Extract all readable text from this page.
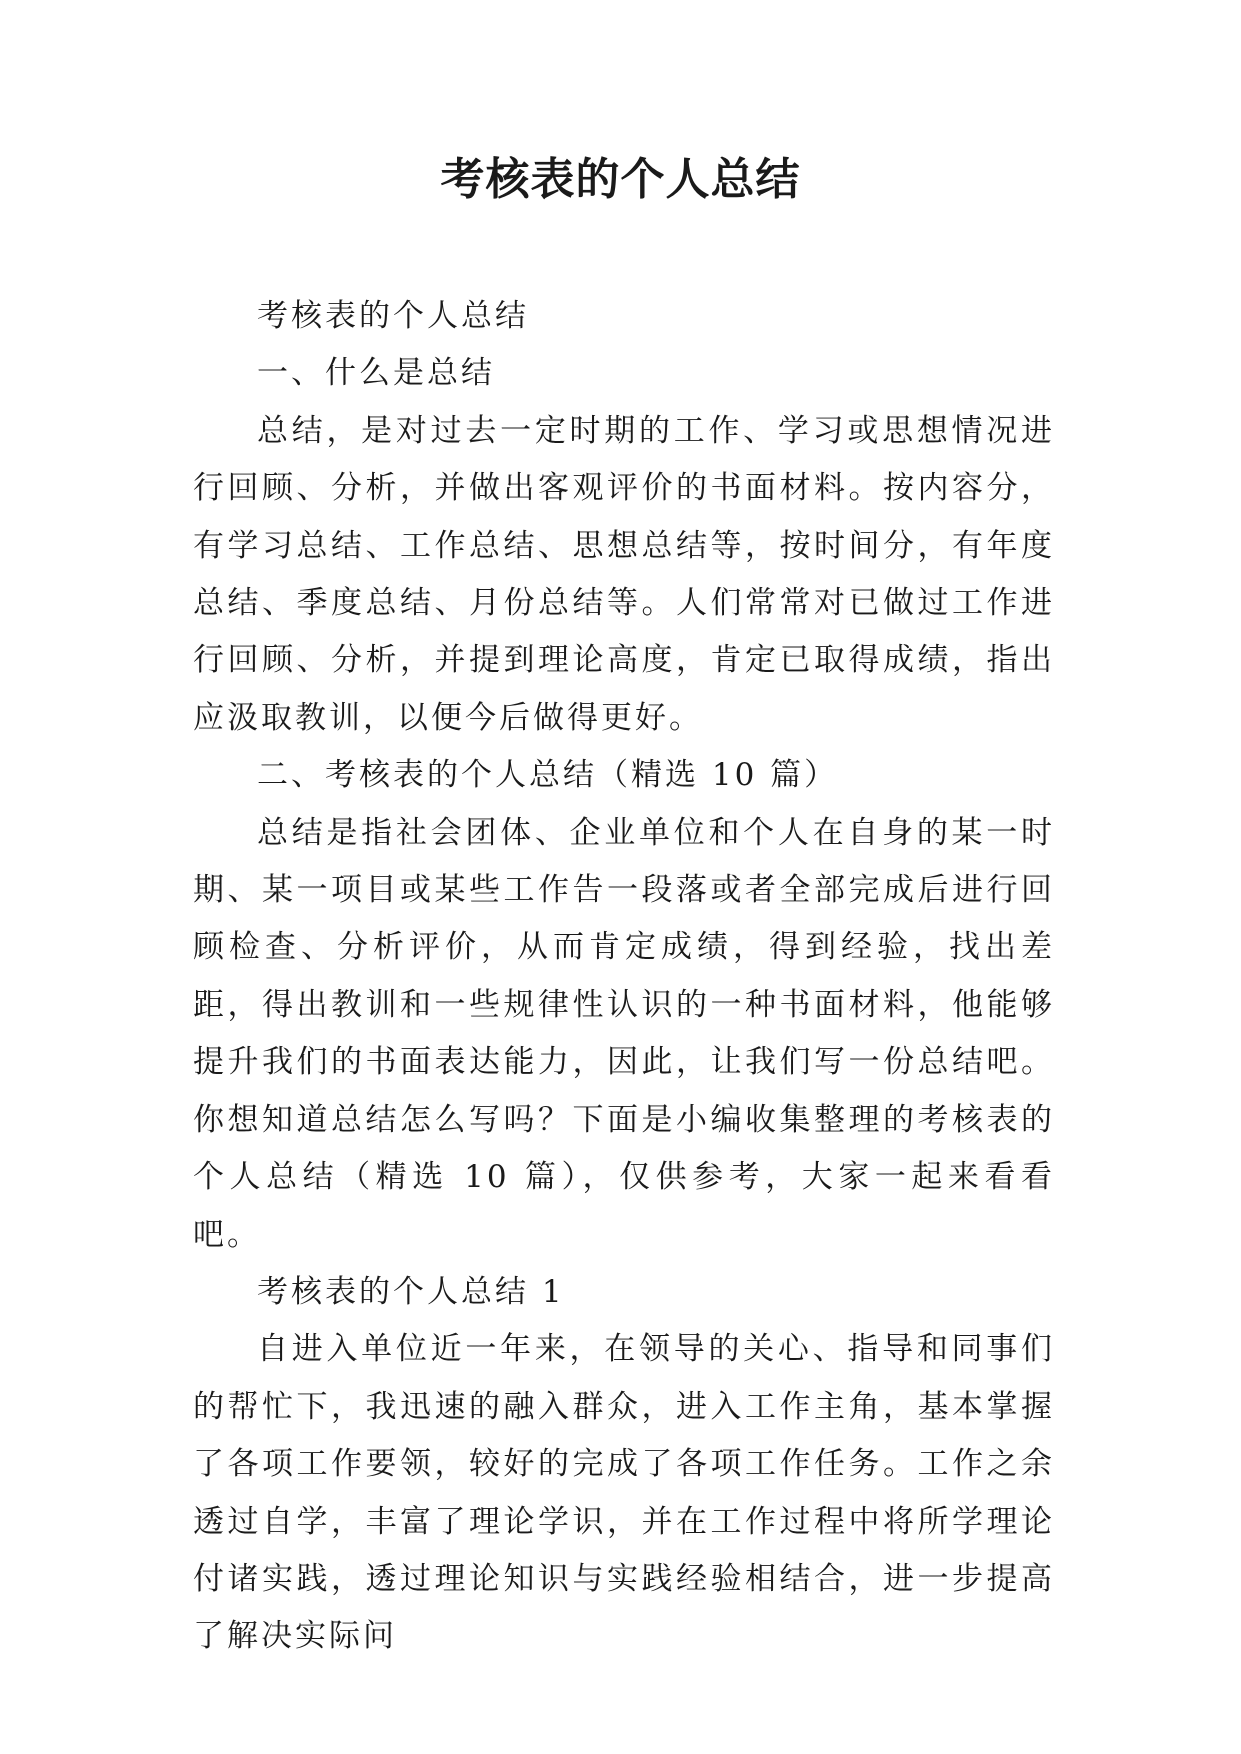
考核表的个人总结

考核表的个人总结

一、什么是总结

总结，是对过去一定时期的工作、学习或思想情况进行回顾、分析，并做出客观评价的书面材料。按内容分，有学习总结、工作总结、思想总结等，按时间分，有年度总结、季度总结、月份总结等。人们常常对已做过工作进行回顾、分析，并提到理论高度，肯定已取得成绩，指出应汲取教训，以便今后做得更好。

二、考核表的个人总结（精选 10 篇）

总结是指社会团体、企业单位和个人在自身的某一时期、某一项目或某些工作告一段落或者全部完成后进行回顾检查、分析评价，从而肯定成绩，得到经验，找出差距，得出教训和一些规律性认识的一种书面材料，他能够提升我们的书面表达能力，因此，让我们写一份总结吧。你想知道总结怎么写吗？下面是小编收集整理的考核表的个人总结（精选 10 篇），仅供参考，大家一起来看看吧。

考核表的个人总结 1

自进入单位近一年来，在领导的关心、指导和同事们的帮忙下，我迅速的融入群众，进入工作主角，基本掌握了各项工作要领，较好的完成了各项工作任务。工作之余透过自学，丰富了理论学识，并在工作过程中将所学理论付诸实践，透过理论知识与实践经验相结合，进一步提高了解决实际问
